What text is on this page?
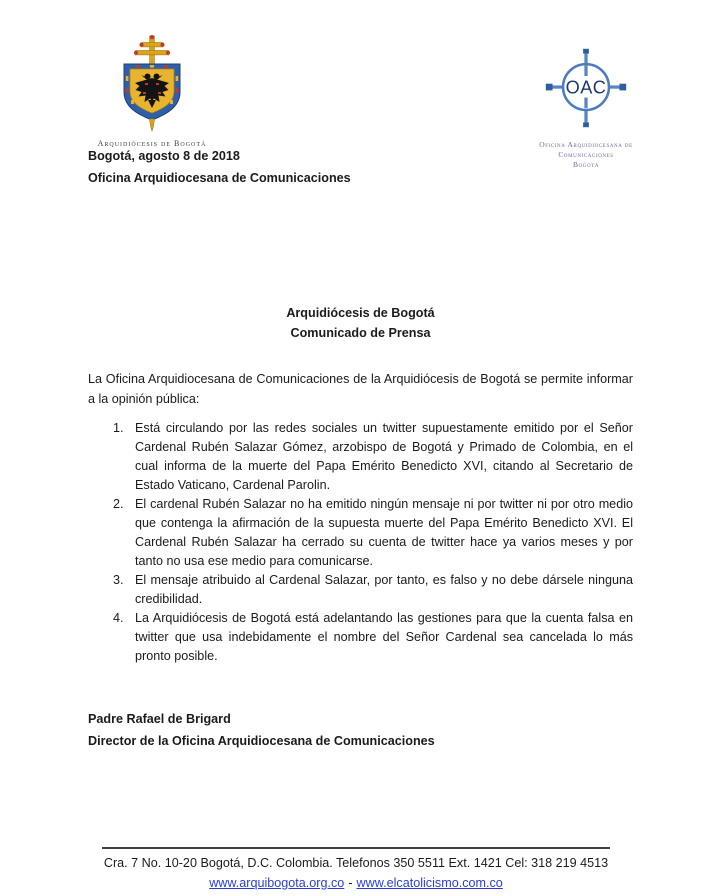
Arquidiócesis de Bogotá
OAC
Oficina Arquidiocesana de
Comunicaciones
Bogotá
Bogotá, agosto 8 de 2018
Oficina Arquidiocesana de Comunicaciones
Arquidiócesis de Bogotá
Comunicado de Prensa

La Oficina Arquidiocesana de Comunicaciones de la Arquidiócesis de Bogotá se permite informar a la opinión pública:

1. Está circulando por las redes sociales un twitter supuestamente emitido por el Señor Cardenal Rubén Salazar Gómez, arzobispo de Bogotá y Primado de Colombia, en el cual informa de la muerte del Papa Emérito Benedicto XVI, citando al Secretario de Estado Vaticano, Cardenal Parolin.
2. El cardenal Rubén Salazar no ha emitido ningún mensaje ni por twitter ni por otro medio que contenga la afirmación de la supuesta muerte del Papa Emérito Benedicto XVI. El Cardenal Rubén Salazar ha cerrado su cuenta de twitter hace ya varios meses y por tanto no usa ese medio para comunicarse.
3. El mensaje atribuido al Cardenal Salazar, por tanto, es falso y no debe dársele ninguna credibilidad.
4. La Arquidiócesis de Bogotá está adelantando las gestiones para que la cuenta falsa en twitter que usa indebidamente el nombre del Señor Cardenal sea cancelada lo más pronto posible.
Padre Rafael de Brigard
Director de la Oficina Arquidiocesana de Comunicaciones
Cra. 7 No. 10-20 Bogotá, D.C. Colombia. Telefonos 350 5511 Ext. 1421 Cel: 318 219 4513
www.arquibogota.org.co - www.elcatolicismo.com.co
